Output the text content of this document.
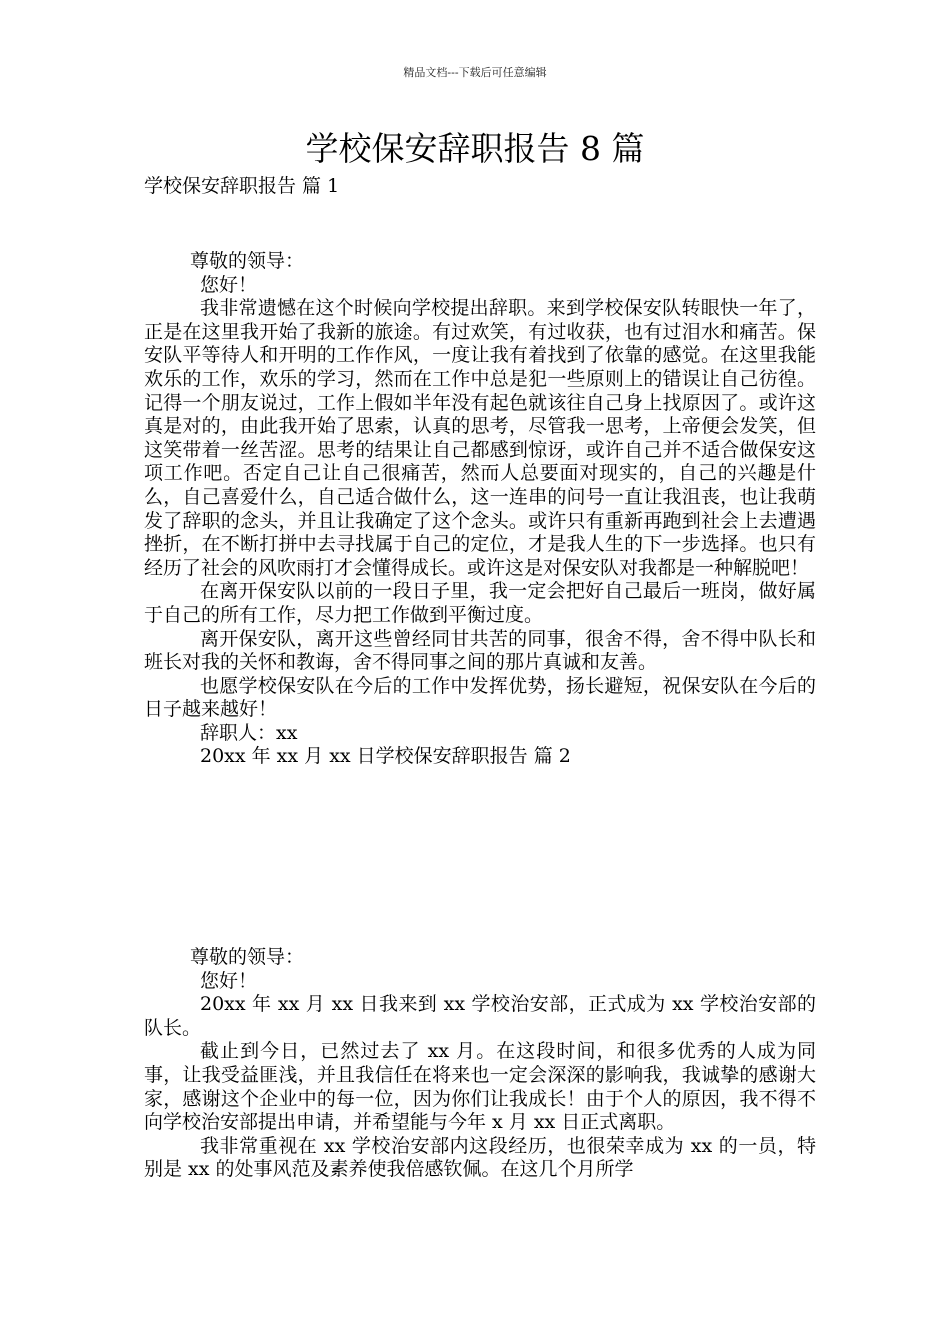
精品文档---下载后可任意编辑
学校保安辞职报告 8 篇
学校保安辞职报告 篇 1

尊敬的领导：

您好！

我非常遗憾在这个时候向学校提出辞职。来到学校保安队转眼快一年了，正是在这里我开始了我新的旅途。有过欢笑，有过收获，也有过泪水和痛苦。保安队平等待人和开明的工作作风，一度让我有着找到了依靠的感觉。在这里我能欢乐的工作，欢乐的学习，然而在工作中总是犯一些原则上的错误让自己彷徨。记得一个朋友说过，工作上假如半年没有起色就该往自己身上找原因了。或许这真是对的，由此我开始了思索，认真的思考，尽管我一思考，上帝便会发笑，但这笑带着一丝苦涩。思考的结果让自己都感到惊讶，或许自己并不适合做保安这项工作吧。否定自己让自己很痛苦，然而人总要面对现实的，自己的兴趣是什么，自己喜爱什么，自己适合做什么，这一连串的问号一直让我沮丧，也让我萌发了辞职的念头，并且让我确定了这个念头。或许只有重新再跑到社会上去遭遇挫折，在不断打拼中去寻找属于自己的定位，才是我人生的下一步选择。也只有经历了社会的风吹雨打才会懂得成长。或许这是对保安队对我都是一种解脱吧！

在离开保安队以前的一段日子里，我一定会把好自己最后一班岗，做好属于自己的所有工作，尽力把工作做到平衡过度。

离开保安队，离开这些曾经同甘共苦的同事，很舍不得，舍不得中队长和班长对我的关怀和教诲，舍不得同事之间的那片真诚和友善。

也愿学校保安队在今后的工作中发挥优势，扬长避短，祝保安队在今后的日子越来越好！

辞职人：xx

20xx 年 xx 月 xx 日学校保安辞职报告 篇 2

尊敬的领导：

您好！

20xx 年 xx 月 xx 日我来到 xx 学校治安部，正式成为 xx 学校治安部的队长。

截止到今日，已然过去了 xx 月。在这段时间，和很多优秀的人成为同事，让我受益匪浅，并且我信任在将来也一定会深深的影响我，我诚挚的感谢大家，感谢这个企业中的每一位，因为你们让我成长！由于个人的原因，我不得不向学校治安部提出申请，并希望能与今年 x 月 xx 日正式离职。

我非常重视在 xx 学校治安部内这段经历，也很荣幸成为 xx 的一员，特别是 xx 的处事风范及素养使我倍感钦佩。在这几个月所学
